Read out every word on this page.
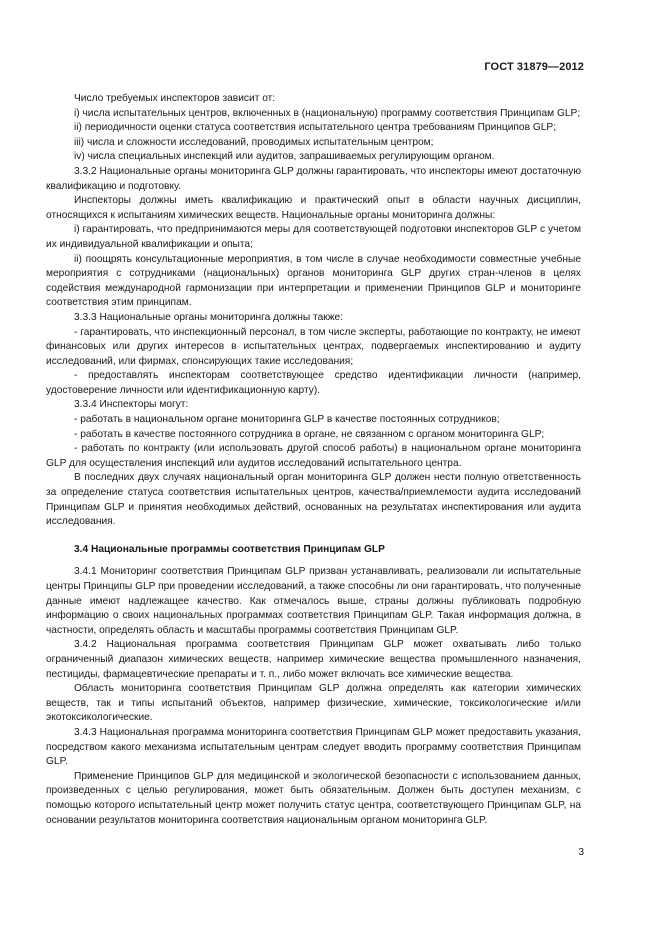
ГОСТ 31879—2012

Число требуемых инспекторов зависит от:

i) числа испытательных центров, включенных в (национальную) программу соответствия Принципам GLP;

ii) периодичности оценки статуса соответствия испытательного центра требованиям Принципов GLP;

iii) числа и сложности исследований, проводимых испытательным центром;

iv) числа специальных инспекций или аудитов, запрашиваемых регулирующим органом.

3.3.2 Национальные органы мониторинга GLP должны гарантировать, что инспекторы имеют достаточную квалификацию и подготовку.

Инспекторы должны иметь квалификацию и практический опыт в области научных дисциплин, относящихся к испытаниям химических веществ. Национальные органы мониторинга должны:

i) гарантировать, что предпринимаются меры для соответствующей подготовки инспекторов GLP с учетом их индивидуальной квалификации и опыта;

ii) поощрять консультационные мероприятия, в том числе в случае необходимости совместные учебные мероприятия с сотрудниками (национальных) органов мониторинга GLP других стран-членов в целях содействия международной гармонизации при интерпретации и применении Принципов GLP и мониторинге соответствия этим принципам.

3.3.3 Национальные органы мониторинга должны также:

- гарантировать, что инспекционный персонал, в том числе эксперты, работающие по контракту, не имеют финансовых или других интересов в испытательных центрах, подвергаемых инспектированию и аудиту исследований, или фирмах, спонсирующих такие исследования;

- предоставлять инспекторам соответствующее средство идентификации личности (например, удостоверение личности или идентификационную карту).

3.3.4 Инспекторы могут:

- работать в национальном органе мониторинга GLP в качестве постоянных сотрудников;

- работать в качестве постоянного сотрудника в органе, не связанном с органом мониторинга GLP;

- работать по контракту (или использовать другой способ работы) в национальном органе мониторинга GLP для осуществления инспекций или аудитов исследований испытательного центра.

В последних двух случаях национальный орган мониторинга GLP должен нести полную ответственность за определение статуса соответствия испытательных центров, качества/приемлемости аудита исследований Принципам GLP и принятия необходимых действий, основанных на результатах инспектирования или аудита исследования.

3.4 Национальные программы соответствия Принципам GLP

3.4.1 Мониторинг соответствия Принципам GLP призван устанавливать, реализовали ли испытательные центры Принципы GLP при проведении исследований, а также способны ли они гарантировать, что полученные данные имеют надлежащее качество. Как отмечалось выше, страны должны публиковать подробную информацию о своих национальных программах соответствия Принципам GLP. Такая информация должна, в частности, определять область и масштабы программы соответствия Принципам GLP.

3.4.2 Национальная программа соответствия Принципам GLP может охватывать либо только ограниченный диапазон химических веществ, например химические вещества промышленного назначения, пестициды, фармацевтические препараты и т. п., либо может включать все химические вещества.

Область мониторинга соответствия Принципам GLP должна определять как категории химических веществ, так и типы испытаний объектов, например физические, химические, токсикологические и/или экотоксикологические.

3.4.3 Национальная программа мониторинга соответствия Принципам GLP может предоставить указания, посредством какого механизма испытательным центрам следует вводить программу соответствия Принципам GLP.

Применение Принципов GLP для медицинской и экологической безопасности с использованием данных, произведенных с целью регулирования, может быть обязательным. Должен быть доступен механизм, с помощью которого испытательный центр может получить статус центра, соответствующего Принципам GLP, на основании результатов мониторинга соответствия национальным органом мониторинга GLP.

3
